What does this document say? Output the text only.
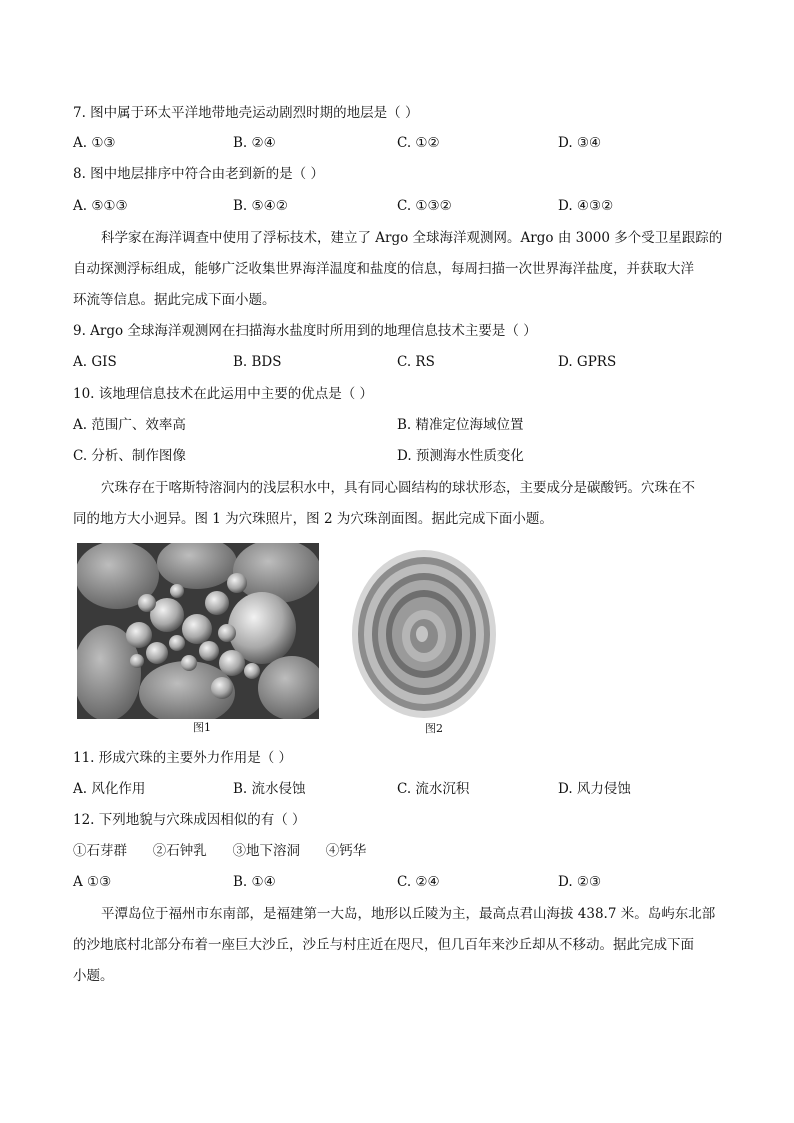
7. 图中属于环太平洋地带地壳运动剧烈时期的地层是（ ）
A. ①③	B. ②④	C. ①②	D. ③④
8. 图中地层排序中符合由老到新的是（ ）
A. ⑤①③	B. ⑤④②	C. ①③②	D. ④③②
科学家在海洋调查中使用了浮标技术，建立了 Argo 全球海洋观测网。Argo 由 3000 多个受卫星跟踪的
自动探测浮标组成，能够广泛收集世界海洋温度和盐度的信息，每周扫描一次世界海洋盐度，并获取大洋
环流等信息。据此完成下面小题。
9. Argo 全球海洋观测网在扫描海水盐度时所用到的地理信息技术主要是（ ）
A. GIS	B. BDS	C. RS	D. GPRS
10. 该地理信息技术在此运用中主要的优点是（ ）
A. 范围广、效率高	B. 精准定位海域位置
C. 分析、制作图像	D. 预测海水性质变化
穴珠存在于喀斯特溶洞内的浅层积水中，具有同心圆结构的球状形态，主要成分是碳酸钙。穴珠在不
同的地方大小迥异。图 1 为穴珠照片，图 2 为穴珠剖面图。据此完成下面小题。
图1	图2
11. 形成穴珠的主要外力作用是（ ）
A. 风化作用	B. 流水侵蚀	C. 流水沉积	D. 风力侵蚀
12. 下列地貌与穴珠成因相似的有（ ）
①石芽群      ②石钟乳      ③地下溶洞      ④钙华
A ①③	B. ①④	C. ②④	D. ②③
平潭岛位于福州市东南部，是福建第一大岛，地形以丘陵为主，最高点君山海拔 438.7 米。岛屿东北部
的沙地底村北部分布着一座巨大沙丘，沙丘与村庄近在咫尺，但几百年来沙丘却从不移动。据此完成下面
小题。
